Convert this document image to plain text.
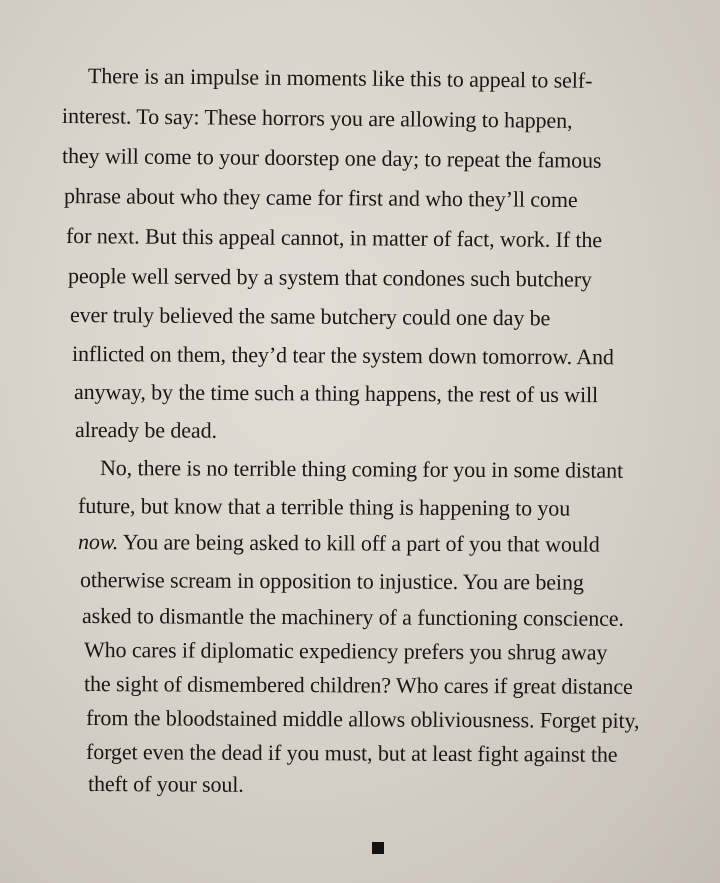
There is an impulse in moments like this to appeal to self-
interest. To say: These horrors you are allowing to happen,
they will come to your doorstep one day; to repeat the famous
phrase about who they came for first and who they’ll come
for next. But this appeal cannot, in matter of fact, work. If the
people well served by a system that condones such butchery
ever truly believed the same butchery could one day be
inflicted on them, they’d tear the system down tomorrow. And
anyway, by the time such a thing happens, the rest of us will
already be dead.
No, there is no terrible thing coming for you in some distant
future, but know that a terrible thing is happening to you
now. You are being asked to kill off a part of you that would
otherwise scream in opposition to injustice. You are being
asked to dismantle the machinery of a functioning conscience.
Who cares if diplomatic expediency prefers you shrug away
the sight of dismembered children? Who cares if great distance
from the bloodstained middle allows obliviousness. Forget pity,
forget even the dead if you must, but at least fight against the
theft of your soul.
